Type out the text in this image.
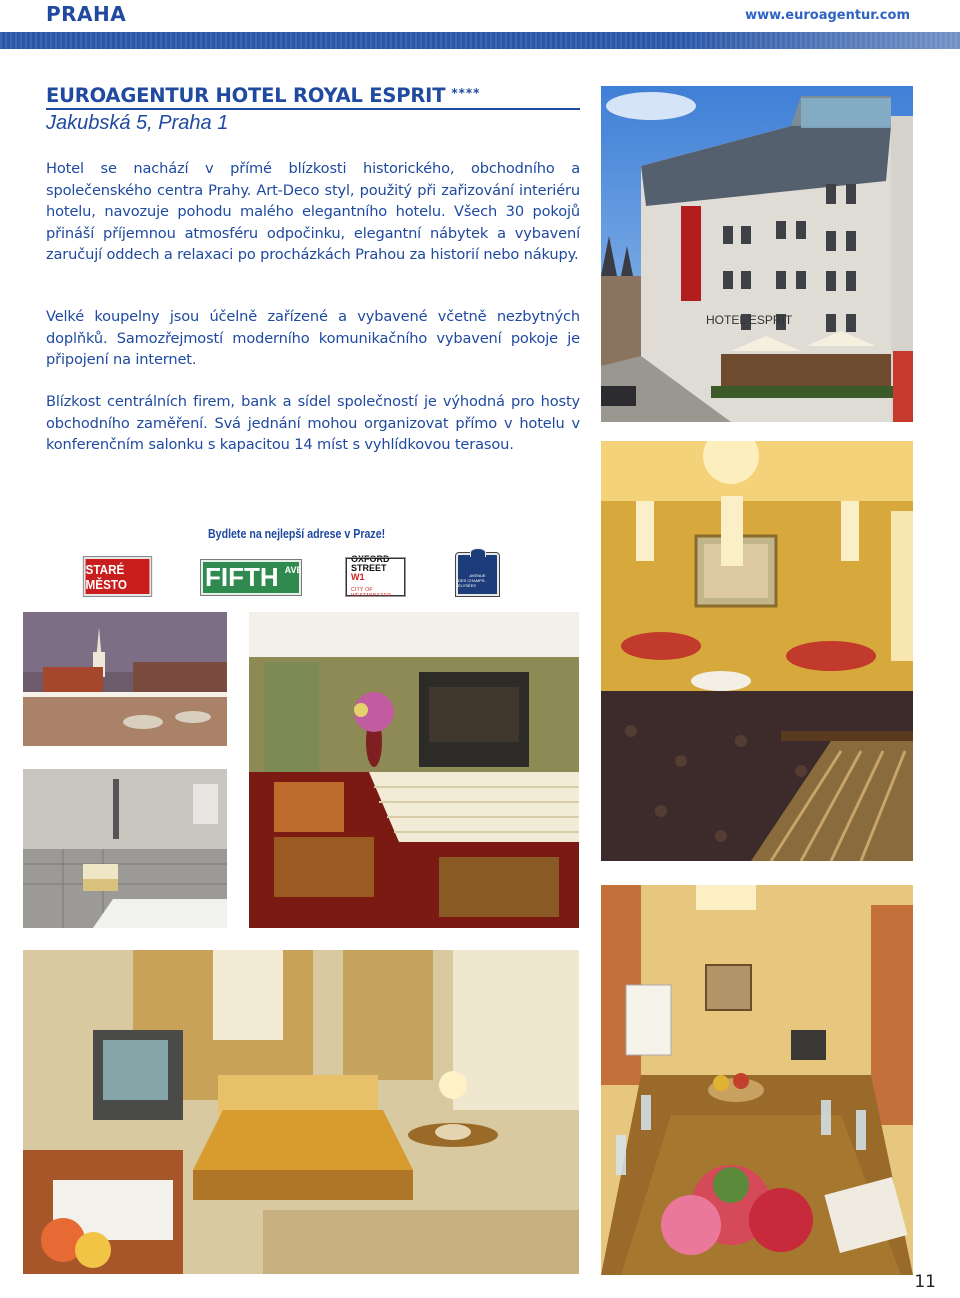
PRAHA	www.euroagentur.com
EUROAGENTUR HOTEL ROYAL ESPRIT ****
Jakubská 5, Praha 1

Hotel se nachází v přímé blízkosti historického, obchodního a společenského centra Prahy. Art-Deco styl, použitý při zařizování interiéru hotelu, navozuje pohodu malého elegantního hotelu. Všech 30 pokojů přináší příjemnou atmosféru odpočinku, elegantní nábytek a vybavení zaručují oddech a relaxaci po procházkách Prahou za historií nebo nákupy.

Velké koupelny jsou účelně zařízené a vybavené včetně nezbytných doplňků. Samozřejmostí moderního komunikačního vybavení pokoje je připojení na internet.

Blízkost centrálních firem, bank a sídel společností je výhodná pro hosty obchodního zaměření. Svá jednání mohou organizovat přímo v hotelu v konferenčním salonku s kapacitou 14 míst s vyhlídkovou terasou.

Bydlete na nejlepší adrese v Praze!
STARÉ MĚSTO	FIFTH AVE
OXFORD
STREET W1
CITY OF WESTMINSTER
AVENUE
DES CHAMPS-ÉLYSÉES
HOTEL ESPRIT
11
